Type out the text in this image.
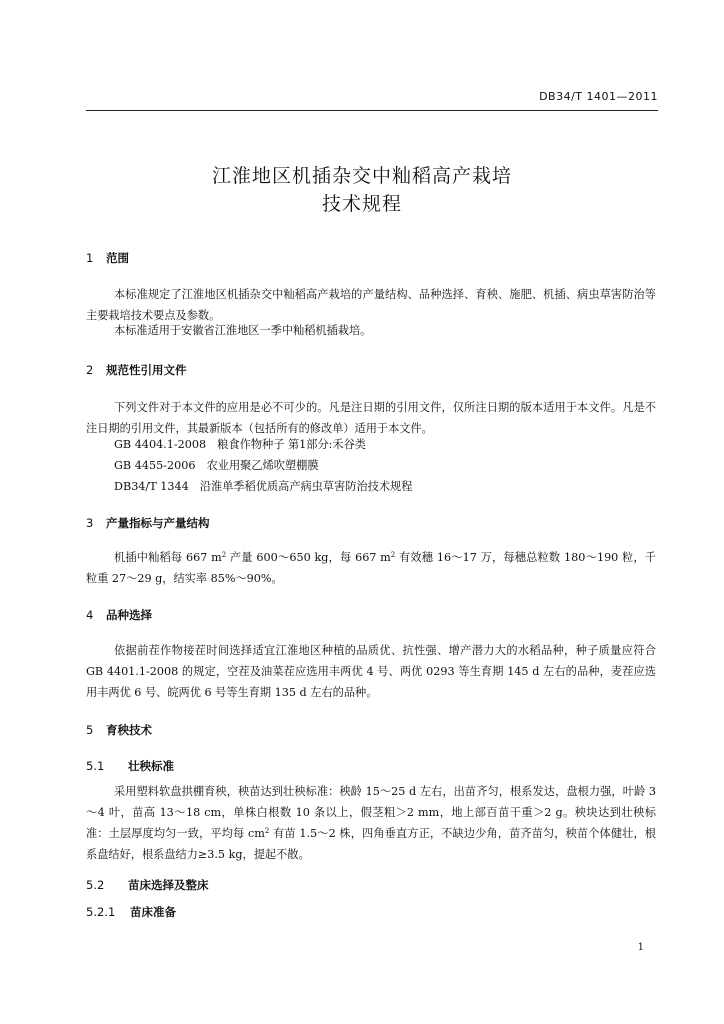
DB34/T 1401—2011
江淮地区机插杂交中籼稻高产栽培
技术规程
1 范围
本标准规定了江淮地区机插杂交中籼稻高产栽培的产量结构、品种选择、育秧、施肥、机插、病虫草害防治等主要栽培技术要点及参数。
本标准适用于安徽省江淮地区一季中籼稻机插栽培。
2 规范性引用文件
下列文件对于本文件的应用是必不可少的。凡是注日期的引用文件，仅所注日期的版本适用于本文件。凡是不注日期的引用文件，其最新版本（包括所有的修改单）适用于本文件。
GB 4404.1-2008　粮食作物种子 第1部分:禾谷类
GB 4455-2006　农业用聚乙烯吹塑棚膜
DB34/T 1344　沿淮单季稻优质高产病虫草害防治技术规程
3 产量指标与产量结构
机插中籼稻每 667 $m^2$ 产量 600～650 kg，每 667 $m^2$ 有效穗 16～17 万，每穗总粒数 180～190 粒，千粒重 27～29 g，结实率 85%～90%。
4 品种选择
依据前茬作物接茬时间选择适宜江淮地区种植的品质优、抗性强、增产潜力大的水稻品种，种子质量应符合 GB 4401.1-2008 的规定，空茬及油菜茬应选用丰两优 4 号、两优 0293 等生育期 145 d 左右的品种，麦茬应选用丰两优 6 号、皖两优 6 号等生育期 135 d 左右的品种。
5 育秧技术
5.1 壮秧标准
采用塑料软盘拱棚育秧，秧苗达到壮秧标准：秧龄 15～25 d 左右，出苗齐匀，根系发达，盘根力强，叶龄 3～4 叶，苗高 13～18 cm，单株白根数 10 条以上，假茎粗＞2 mm，地上部百苗干重＞2 g。秧块达到壮秧标准：土层厚度均匀一致，平均每 $cm^2$ 有苗 1.5～2 株，四角垂直方正，不缺边少角，苗齐苗匀，秧苗个体健壮，根系盘结好，根系盘结力≥3.5 kg，提起不散。
5.2 苗床选择及整床
5.2.1 苗床准备
1
